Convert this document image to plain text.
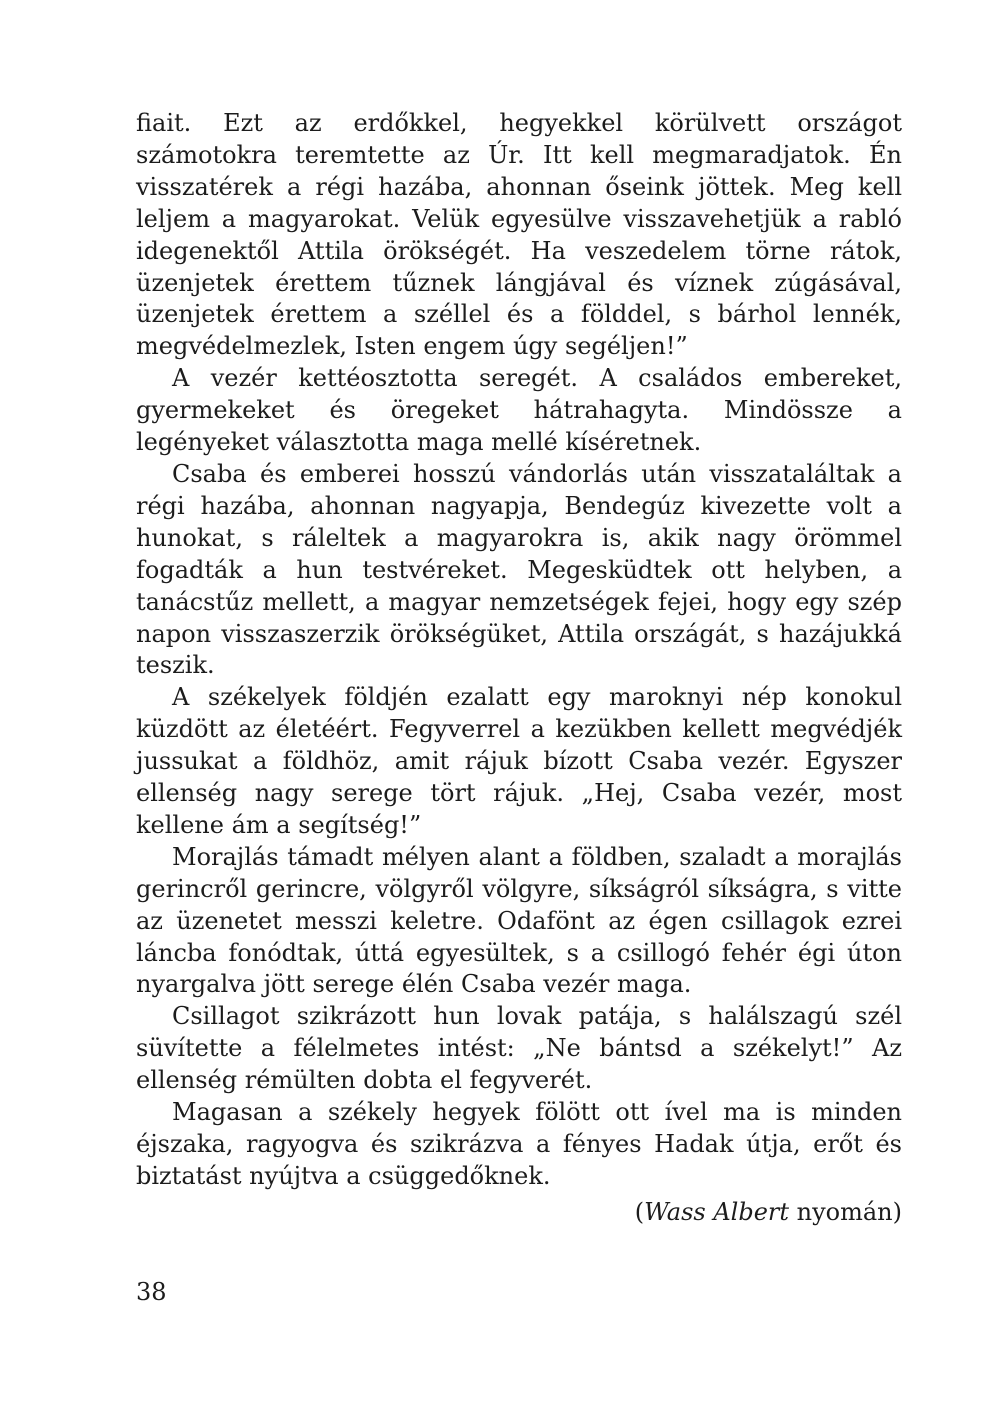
fiait. Ezt az erdőkkel, hegyekkel körülvett országot számotokra teremtette az Úr. Itt kell megmaradjatok. Én visszatérek a régi hazába, ahonnan őseink jöttek. Meg kell leljem a magyarokat. Velük egyesülve visszavehetjük a rabló idegenektől Attila örökségét. Ha veszedelem törne rátok, üzenjetek érettem tűznek lángjával és víznek zúgásával, üzenjetek érettem a széllel és a földdel, s bárhol lennék, megvédelmezlek, Isten engem úgy segéljen!”

A vezér kettéosztotta seregét. A családos embereket, gyermekeket és öregeket hátrahagyta. Mindössze a legényeket választotta maga mellé kíséretnek.

Csaba és emberei hosszú vándorlás után visszataláltak a régi hazába, ahonnan nagyapja, Bendegúz kivezette volt a hunokat, s ráleltek a magyarokra is, akik nagy örömmel fogadták a hun testvéreket. Megesküdtek ott helyben, a tanácstűz mellett, a magyar nemzetségek fejei, hogy egy szép napon visszaszerzik örökségüket, Attila országát, s hazájukká teszik.

A székelyek földjén ezalatt egy maroknyi nép konokul küzdött az életéért. Fegyverrel a kezükben kellett megvédjék jussukat a földhöz, amit rájuk bízott Csaba vezér. Egyszer ellenség nagy serege tört rájuk. „Hej, Csaba vezér, most kellene ám a segítség!”

Morajlás támadt mélyen alant a földben, szaladt a morajlás gerincről gerincre, völgyről völgyre, síkságról síkságra, s vitte az üzenetet messzi keletre. Odafönt az égen csillagok ezrei láncba fonódtak, úttá egyesültek, s a csillogó fehér égi úton nyargalva jött serege élén Csaba vezér maga.

Csillagot szikrázott hun lovak patája, s halálszagú szél süvítette a félelmetes intést: „Ne bántsd a székelyt!” Az ellenség rémülten dobta el fegyverét.

Magasan a székely hegyek fölött ott ível ma is minden éjszaka, ragyogva és szikrázva a fényes Hadak útja, erőt és biztatást nyújtva a csüggedőknek.

(Wass Albert nyomán)

38
